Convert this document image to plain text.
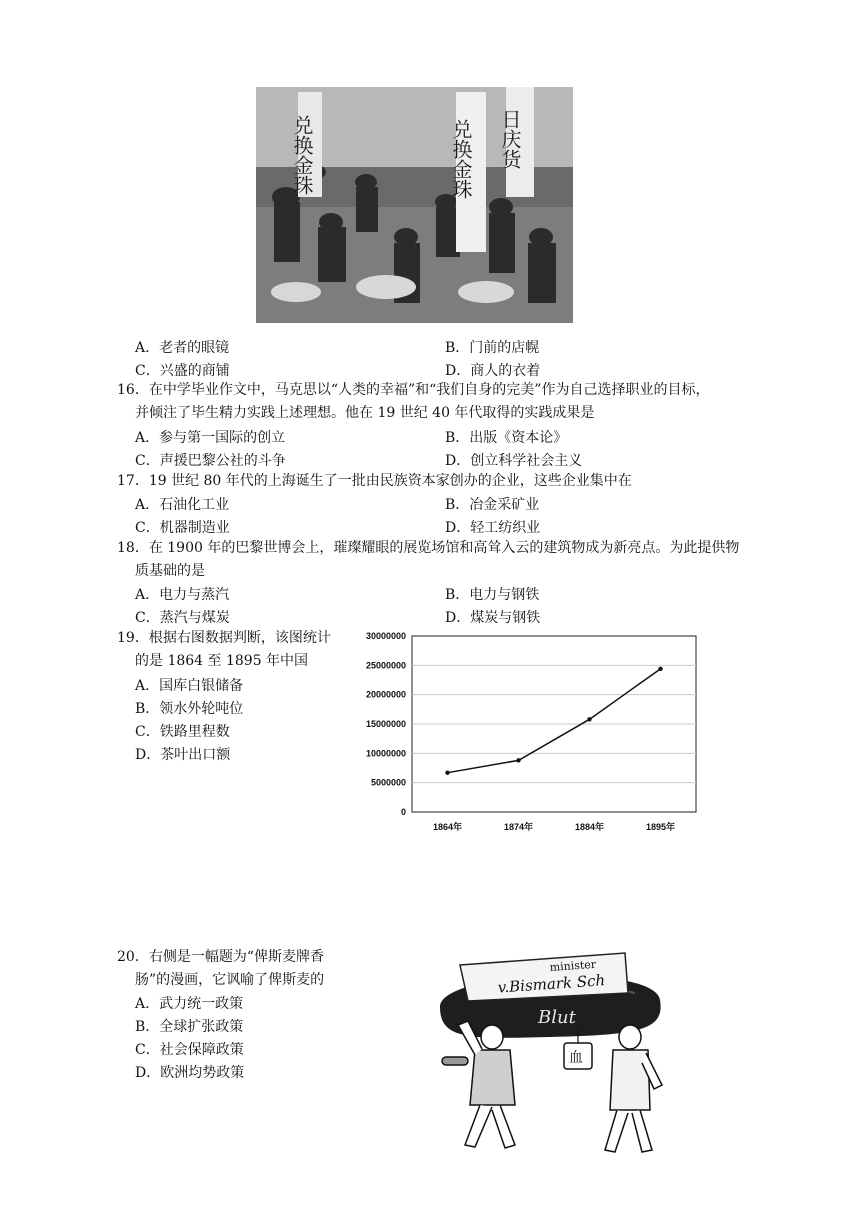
兑换金珠	兑换金珠 日庆货
A．老者的眼镜	B．门前的店幌
C．兴盛的商铺	D．商人的衣着
16．在中学毕业作文中，马克思以“人类的幸福”和“我们自身的完美”作为自己选择职业的目标，
并倾注了毕生精力实践上述理想。他在 19 世纪 40 年代取得的实践成果是
A．参与第一国际的创立	B．出版《资本论》
C．声援巴黎公社的斗争	D．创立科学社会主义
17．19 世纪 80 年代的上海诞生了一批由民族资本家创办的企业，这些企业集中在
A．石油化工业	B．冶金采矿业
C．机器制造业	D．轻工纺织业
18．在 1900 年的巴黎世博会上，璀璨耀眼的展览场馆和高耸入云的建筑物成为新亮点。为此提供物
质基础的是
A．电力与蒸汽	B．电力与钢铁
C．蒸汽与煤炭	D．煤炭与钢铁
19．根据右图数据判断，该图统计
的是 1864 至 1895 年中国
A．国库白银储备
B．领水外轮吨位
C．铁路里程数
D．茶叶出口额
30000000
25000000
20000000
15000000
10000000
5000000
0
1864年	1874年	1884年	1895年
20．右侧是一幅题为“俾斯麦牌香
肠”的漫画，它讽喻了俾斯麦的
A．武力统一政策
B．全球扩张政策
C．社会保障政策
D．欧洲均势政策
minister
v.Bismark Sch
Blut
血
